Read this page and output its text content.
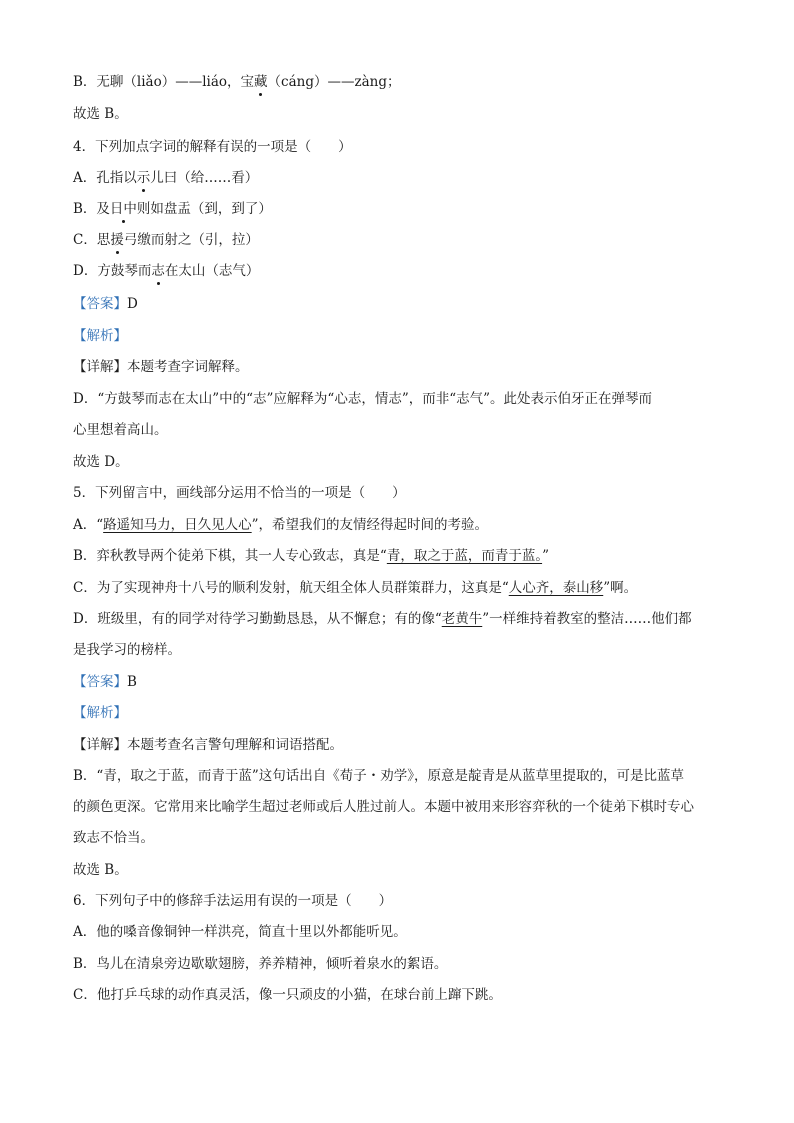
B．无聊（liǎo）——liáo，宝藏（cáng）——zàng；
故选 B。
4．下列加点字词的解释有误的一项是（　　）
A．孔指以示儿曰（给……看）
B．及日中则如盘盂（到，到了）
C．思援弓缴而射之（引，拉）
D．方鼓琴而志在太山（志气）
【答案】D
【解析】
【详解】本题考查字词解释。
D．“方鼓琴而志在太山”中的“志”应解释为“心志，情志”，而非“志气”。此处表示伯牙正在弹琴而
心里想着高山。
故选 D。
5．下列留言中，画线部分运用不恰当的一项是（　　）
A．“路遥知马力，日久见人心”，希望我们的友情经得起时间的考验。
B．弈秋教导两个徒弟下棋，其一人专心致志，真是“青，取之于蓝，而青于蓝。”
C．为了实现神舟十八号的顺利发射，航天组全体人员群策群力，这真是“人心齐，泰山移”啊。
D．班级里，有的同学对待学习勤勤恳恳，从不懈怠；有的像“老黄牛”一样维持着教室的整洁……他们都
是我学习的榜样。
【答案】B
【解析】
【详解】本题考查名言警句理解和词语搭配。
B．“青，取之于蓝，而青于蓝”这句话出自《荀子・劝学》，原意是靛青是从蓝草里提取的，可是比蓝草
的颜色更深。它常用来比喻学生超过老师或后人胜过前人。本题中被用来形容弈秋的一个徒弟下棋时专心
致志不恰当。
故选 B。
6．下列句子中的修辞手法运用有误的一项是（　　）
A．他的嗓音像铜钟一样洪亮，简直十里以外都能听见。
B．鸟儿在清泉旁边歇歇翅膀，养养精神，倾听着泉水的絮语。
C．他打乒乓球的动作真灵活，像一只顽皮的小猫，在球台前上蹿下跳。
